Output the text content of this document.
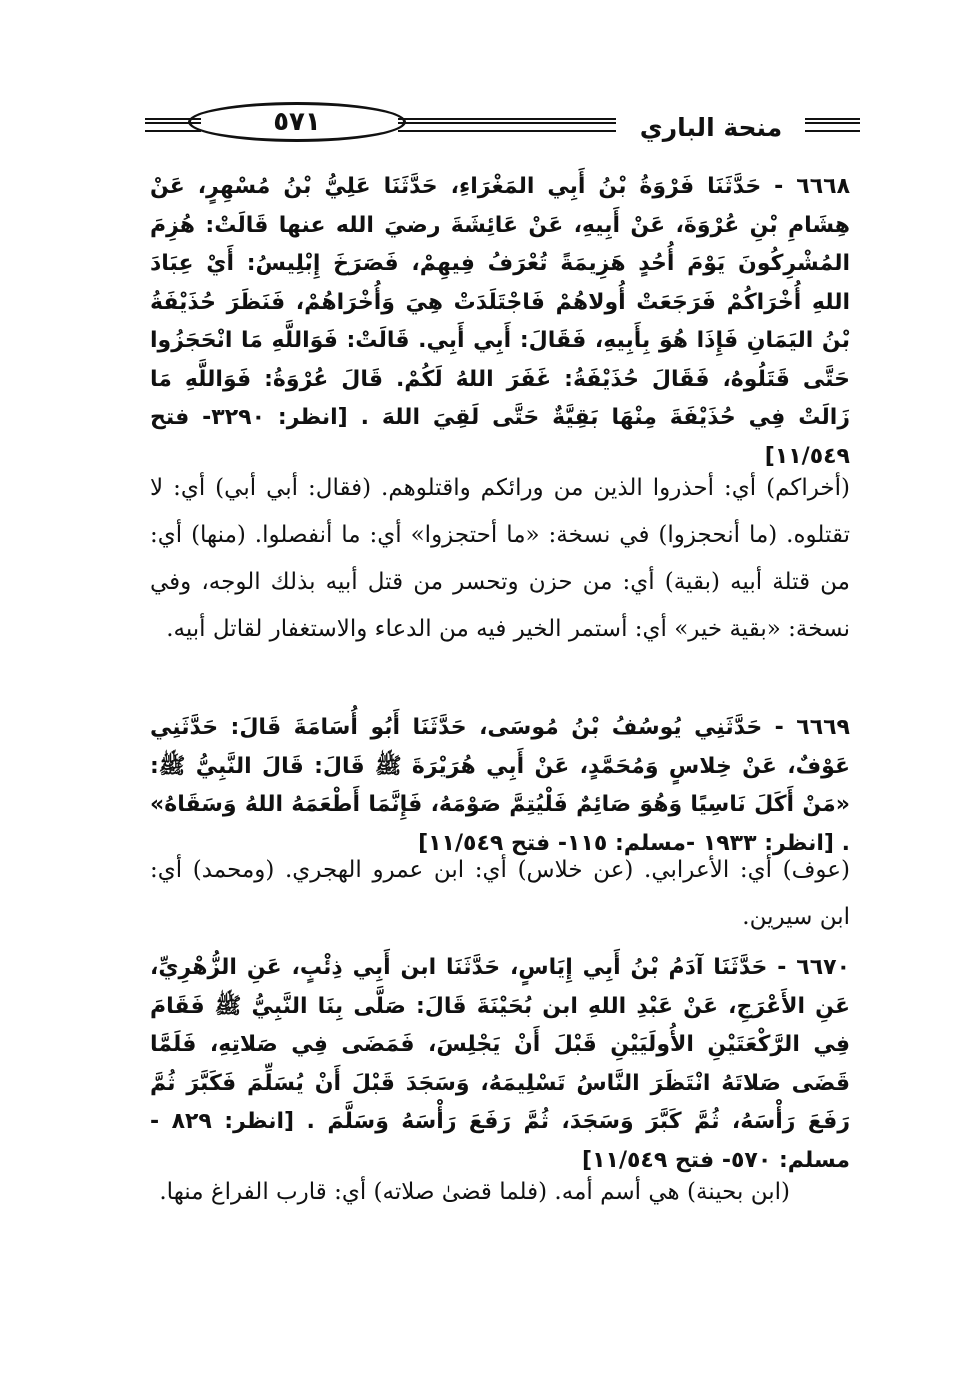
٥٧١	منحة الباري

٦٦٦٨ - حَدَّثَنَا فَرْوَةُ بْنُ أَبِي المَغْرَاءِ، حَدَّثَنَا عَلِيُّ بْنُ مُسْهِرٍ، عَنْ هِشَامِ بْنِ عُرْوَةَ، عَنْ أَبِيهِ، عَنْ عَائِشَةَ رضيَ الله عنها قَالَتْ: هُزِمَ المُشْرِكُونَ يَوْمَ أُحُدٍ هَزِيمَةً تُعْرَفُ فِيهِمْ، فَصَرَخَ إِبْلِيسُ: أَيْ عِبَادَ اللهِ أُخْرَاكُمْ فَرَجَعَتْ أُولاهُمْ فَاجْتَلَدَتْ هِيَ وَأُخْرَاهُمْ، فَنَظَرَ حُذَيْفَةُ بْنُ اليَمَانِ فَإِذَا هُوَ بِأَبِيهِ، فَقَالَ: أَبِي أَبِي. قَالَتْ: فَوَاللَّهِ مَا انْحَجَزُوا حَتَّى قَتَلُوهُ، فَقَالَ حُذَيْفَةُ: غَفَرَ اللهُ لَكُمْ. قَالَ عُرْوَةُ: فَوَاللَّهِ مَا زَالَتْ فِي حُذَيْفَةَ مِنْهَا بَقِيَّةٌ حَتَّى لَقِيَ اللهَ . [انظر: ٣٢٩٠- فتح ١١/٥٤٩]

(أخراكم) أي: أحذروا الذين من ورائكم واقتلوهم. (فقال: أبي أبي) أي: لا تقتلوه. (ما أنحجزوا) في نسخة: «ما أحتجزوا» أي: ما أنفصلوا. (منها) أي: من قتلة أبيه (بقية) أي: من حزن وتحسر من قتل أبيه بذلك الوجه، وفي نسخة: «بقية خير» أي: أستمر الخير فيه من الدعاء والاستغفار لقاتل أبيه.

٦٦٦٩ - حَدَّثَنِي يُوسُفُ بْنُ مُوسَى، حَدَّثَنَا أَبُو أُسَامَةَ قَالَ: حَدَّثَنِي عَوْفٌ، عَنْ خِلاسٍ وَمُحَمَّدٍ، عَنْ أَبِي هُرَيْرَةَ ﷺ قَالَ: قَالَ النَّبِيُّ ﷺ: «مَنْ أَكَلَ نَاسِيًا وَهُوَ صَائِمٌ فَلْيُتِمَّ صَوْمَهُ، فَإِنَّمَا أَطْعَمَهُ اللهُ وَسَقَاهُ» . [انظر: ١٩٣٣ -مسلم: ١١٥- فتح ١١/٥٤٩]

(عوف) أي: الأعرابي. (عن خلاس) أي: ابن عمرو الهجري. (ومحمد) أي: ابن سيرين.

٦٦٧٠ - حَدَّثَنَا آدَمُ بْنُ أَبِي إِيَاسٍ، حَدَّثَنَا ابن أَبِي ذِئْبٍ، عَنِ الزُّهْرِيِّ، عَنِ الأَعْرَجِ، عَنْ عَبْدِ اللهِ ابن بُحَيْنَةَ قَالَ: صَلَّى بِنَا النَّبِيُّ ﷺ فَقَامَ فِي الرَّكْعَتَيْنِ الأُولَيَيْنِ قَبْلَ أَنْ يَجْلِسَ، فَمَضَى فِي صَلاتِهِ، فَلَمَّا قَضَى صَلاتَهُ انْتَظَرَ النَّاسُ تَسْلِيمَهُ، وَسَجَدَ قَبْلَ أَنْ يُسَلِّمَ فَكَبَّرَ ثُمَّ رَفَعَ رَأْسَهُ، ثُمَّ كَبَّرَ وَسَجَدَ، ثُمَّ رَفَعَ رَأْسَهُ وَسَلَّمَ . [انظر: ٨٢٩ - مسلم: ٥٧٠- فتح ١١/٥٤٩]

(ابن بحينة) هي أسم أمه. (فلما قضىٰ صلاته) أي: قارب الفراغ منها.
